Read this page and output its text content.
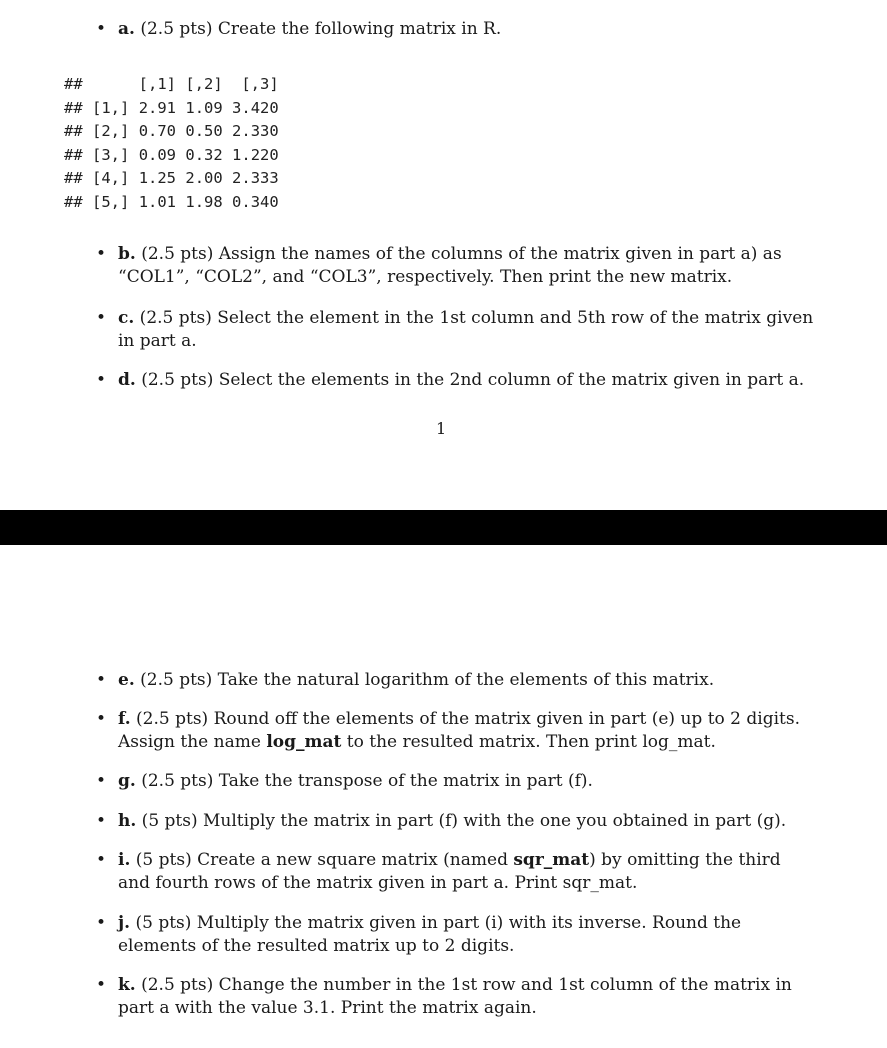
• a. (2.5 pts) Create the following matrix in R.
##	[,1] [,2] [,3]
## [1,] 2.91 1.09 3.420
## [2,] 0.70 0.50 2.330
## [3,] 0.09 0.32 1.220
## [4,] 1.25 2.00 2.333
## [5,] 1.01 1.98 0.340
• b. (2.5 pts) Assign the names of the columns of the matrix given in part a) as “COL1”, “COL2”, and “COL3”, respectively. Then print the new matrix.
• c. (2.5 pts) Select the element in the 1st column and 5th row of the matrix given in part a.
• d. (2.5 pts) Select the elements in the 2nd column of the matrix given in part a.
1
• e. (2.5 pts) Take the natural logarithm of the elements of this matrix.
• f. (2.5 pts) Round off the elements of the matrix given in part (e) up to 2 digits. Assign the name log_mat to the resulted matrix. Then print log_mat.
• g. (2.5 pts) Take the transpose of the matrix in part (f).
• h. (5 pts) Multiply the matrix in part (f) with the one you obtained in part (g).
• i. (5 pts) Create a new square matrix (named sqr_mat) by omitting the third and fourth rows of the matrix given in part a. Print sqr_mat.
• j. (5 pts) Multiply the matrix given in part (i) with its inverse. Round the elements of the resulted matrix up to 2 digits.
• k. (2.5 pts) Change the number in the 1st row and 1st column of the matrix in part a with the value 3.1. Print the matrix again.
